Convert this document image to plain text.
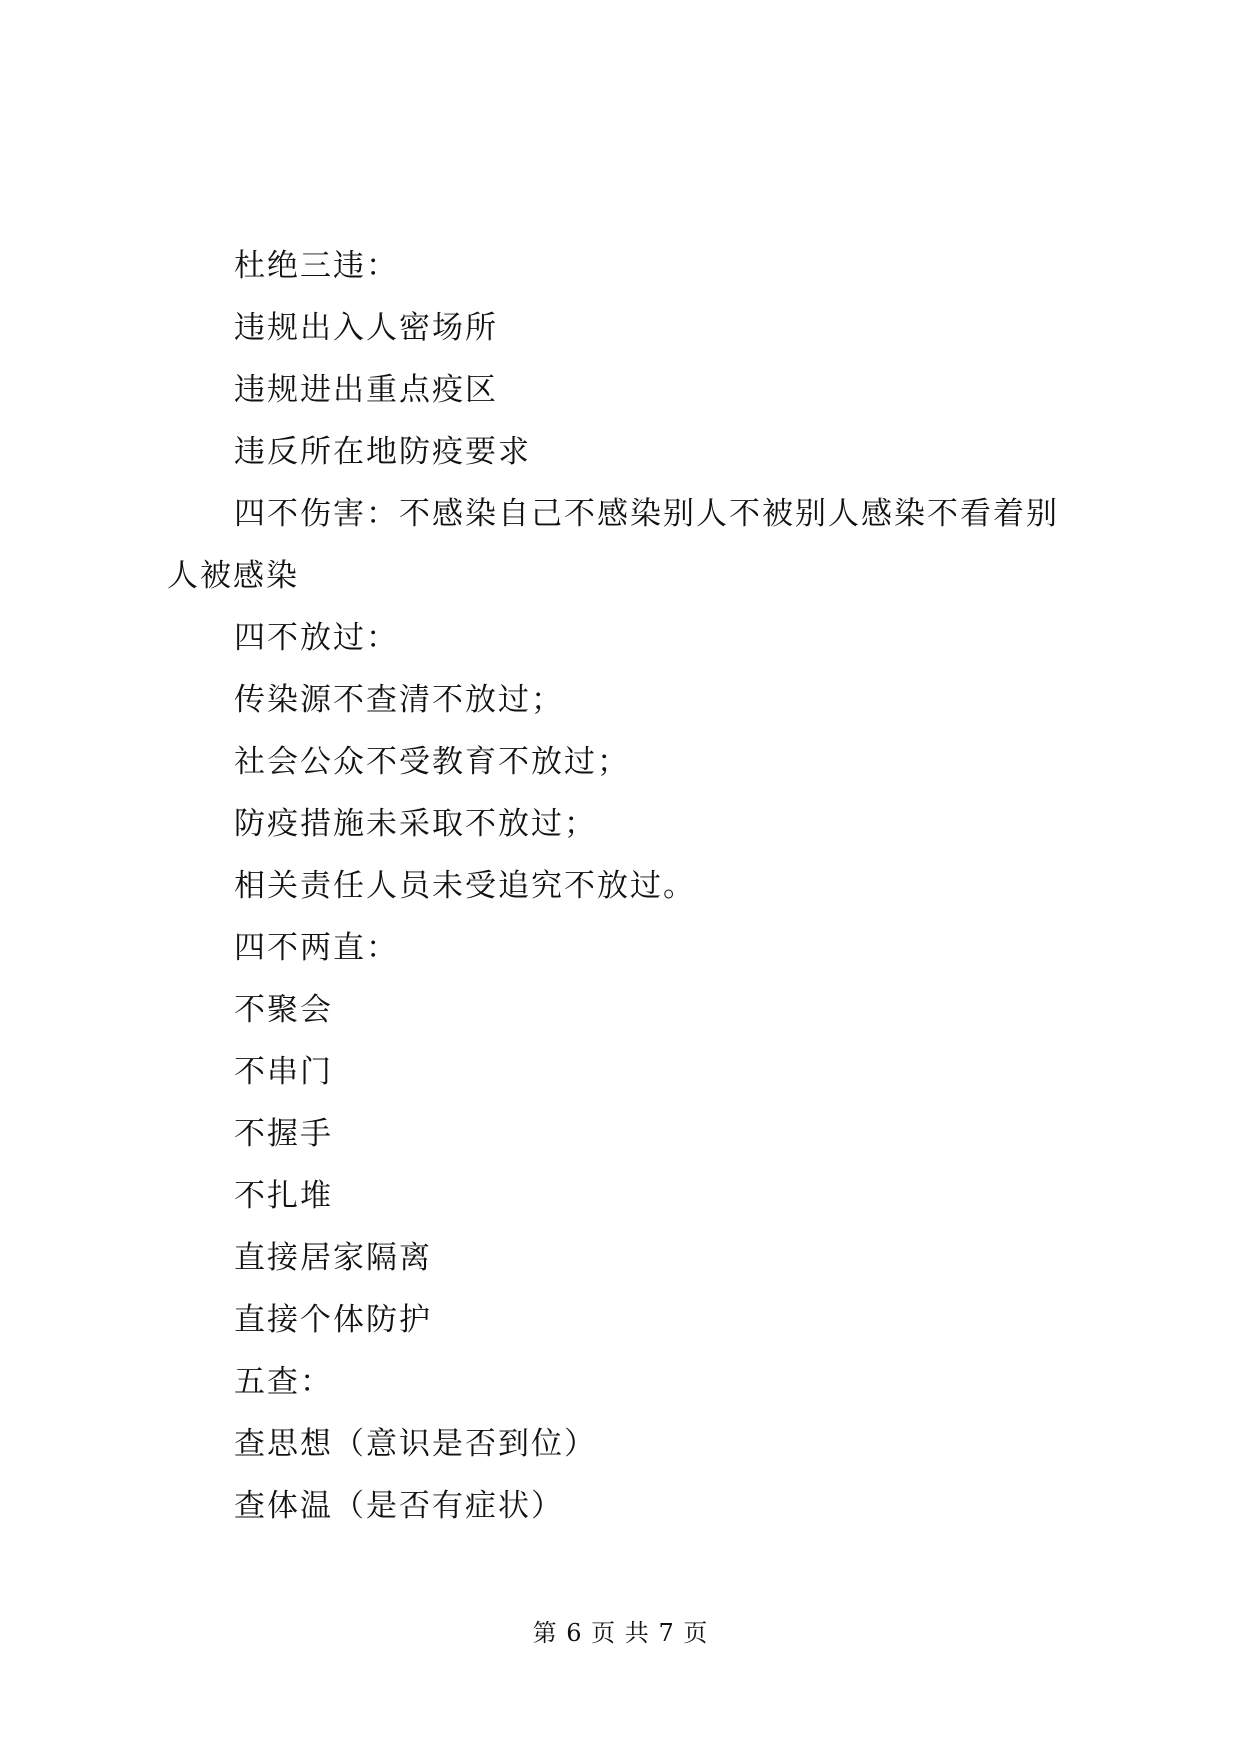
杜绝三违：

违规出入人密场所

违规进出重点疫区

违反所在地防疫要求

四不伤害：不感染自己不感染别人不被别人感染不看着别人被感染

四不放过：

传染源不查清不放过；

社会公众不受教育不放过；

防疫措施未采取不放过；

相关责任人员未受追究不放过。

四不两直：

不聚会

不串门

不握手

不扎堆

直接居家隔离

直接个体防护

五查：

查思想（意识是否到位）

查体温（是否有症状）

第 6 页 共 7 页
